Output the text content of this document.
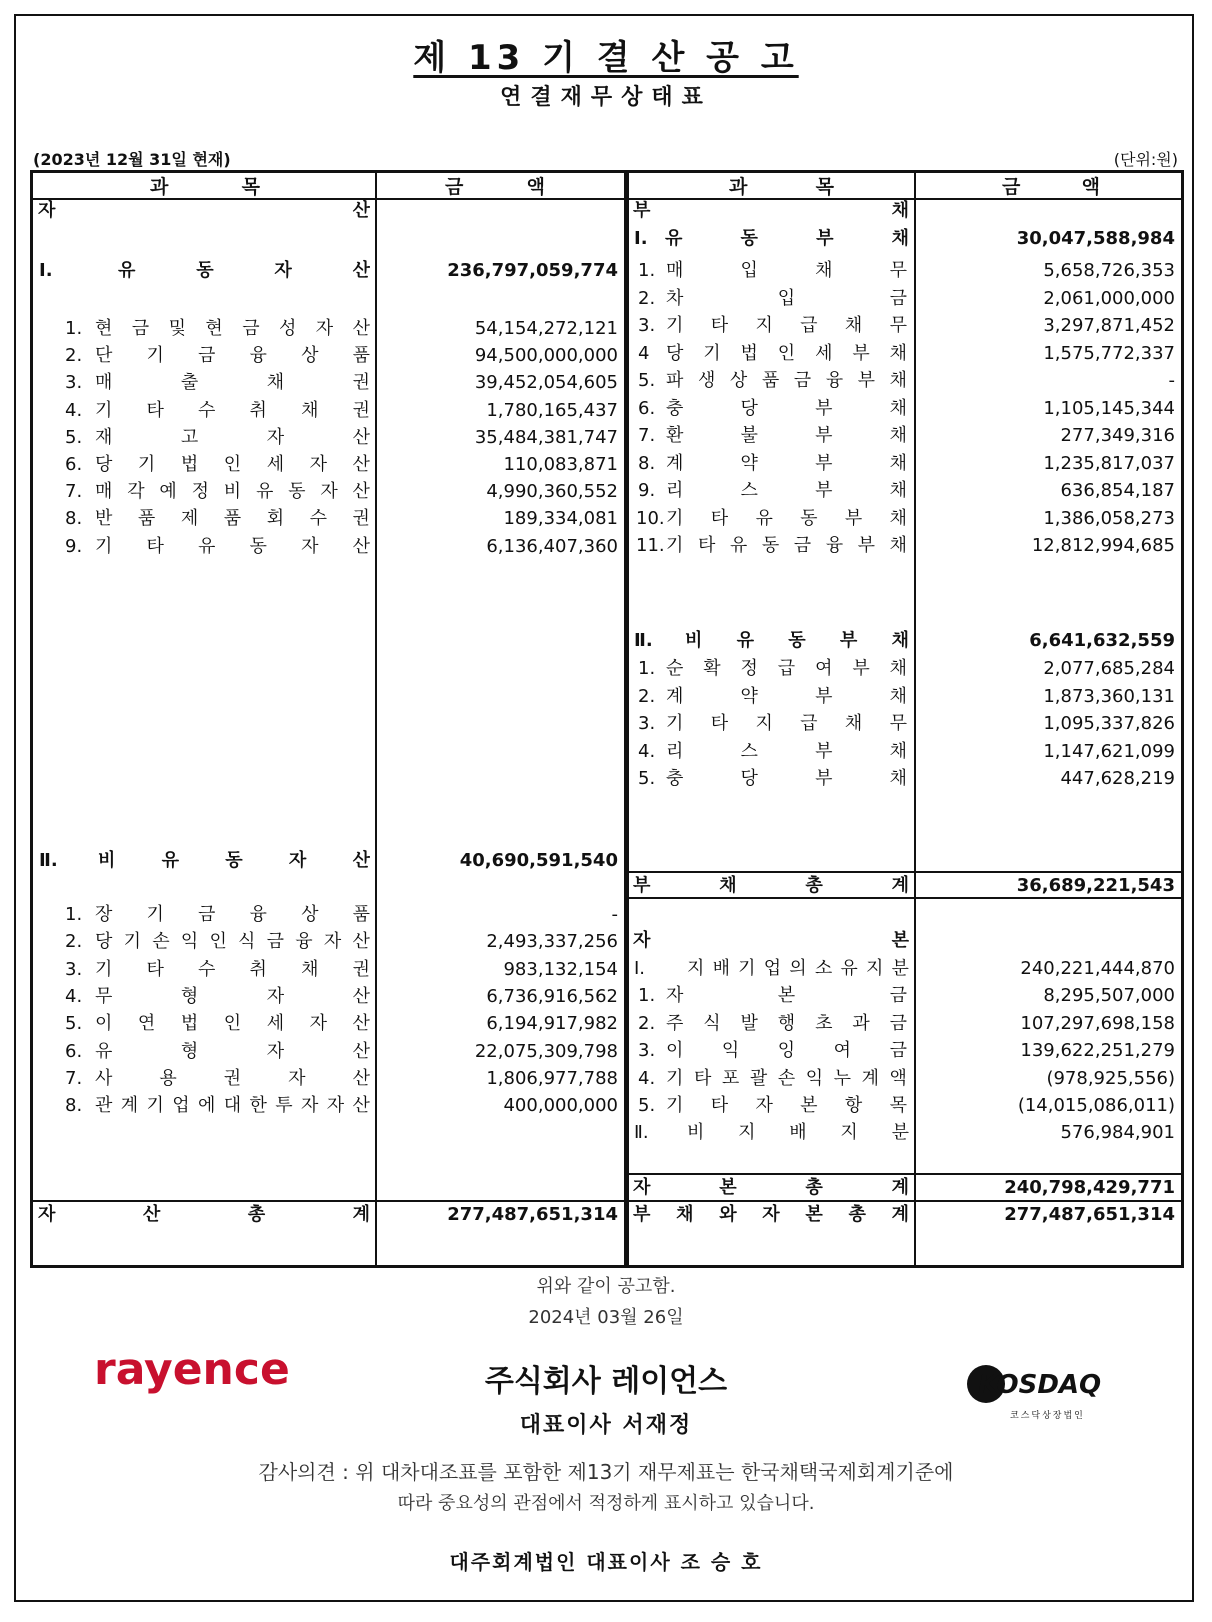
제 13 기 결 산 공 고
연결재무상태표
(2023년 12월 31일 현재)	(단위:원)
과	목	금	액
자	산
Ⅰ.	유	동	자	산	236,797,059,774
1. 현 금 및 현 금 성 자 산	54,154,272,121
2. 단 기 금 융 상 품	94,500,000,000
3. 매	출	채	권	39,452,054,605
4. 기 타 수 취 채 권	1,780,165,437
5. 재	고	자	산	35,484,381,747
6. 당 기 법 인 세 자 산	110,083,871
7. 매 각 예 정 비 유 동 자 산	4,990,360,552
8. 반 품 제 품 회 수 권	189,334,081
9. 기 타 유 동 자 산	6,136,407,360
Ⅱ. 비	유	동	자	산	40,690,591,540
1. 장 기 금 융 상 품	-
2. 당 기 손 익 인 식 금 융 자 산	2,493,337,256
3. 기 타 수 취 채 권	983,132,154
4. 무	형	자	산	6,736,916,562
5. 이 연 법 인 세 자 산	6,194,917,982
6. 유	형	자	산	22,075,309,798
7. 사	용	권	자	산	1,806,977,788
8. 관 계 기 업 에 대 한 투 자 자 산	400,000,000
자	산	총	계	277,487,651,314
과	목	금	액
부	채
Ⅰ. 유	동	부	채	30,047,588,984
1. 매	입	채	무	5,658,726,353
2. 차	입	금	2,061,000,000
3. 기 타 지 급 채 무	3,297,871,452
4 당 기 법 인 세 부 채	1,575,772,337
5. 파 생 상 품 금 융 부 채	-
6. 충	당	부	채	1,105,145,344
7. 환	불	부	채	277,349,316
8. 계	약	부	채	1,235,817,037
9. 리	스	부	채	636,854,187
10. 기 타 유 동 부 채	1,386,058,273
11. 기 타 유 동 금 융 부 채	12,812,994,685
Ⅱ. 비 유 동 부 채	6,641,632,559
1. 순 확 정 급 여 부 채	2,077,685,284
2. 계	약	부	채	1,873,360,131
3. 기 타 지 급 채 무	1,095,337,826
4. 리	스	부	채	1,147,621,099
5. 충	당	부	채	447,628,219
부	채	총	계	36,689,221,543
자	본
Ⅰ. 지 배 기 업 의 소 유 지 분	240,221,444,870
1. 자	본	금	8,295,507,000
2. 주 식 발 행 초 과 금	107,297,698,158
3. 이 익 잉 여 금	139,622,251,279
4. 기 타 포 괄 손 익 누 계 액	(978,925,556)
5. 기 타 자 본 항 목	(14,015,086,011)
Ⅱ. 비 지 배 지 분	576,984,901
자	본	총	계	240,798,429,771
부 채 와 자 본 총 계	277,487,651,314
위와 같이 공고함.
2024년 03월 26일
rayence	주식회사 레이언스
대표이사 서재정
KOSDAQ
코스닥상장법인
감사의견 : 위 대차대조표를 포함한 제13기 재무제표는 한국채택국제회계기준에
따라 중요성의 관점에서 적정하게 표시하고 있습니다.
대주회계법인 대표이사 조 승 호
